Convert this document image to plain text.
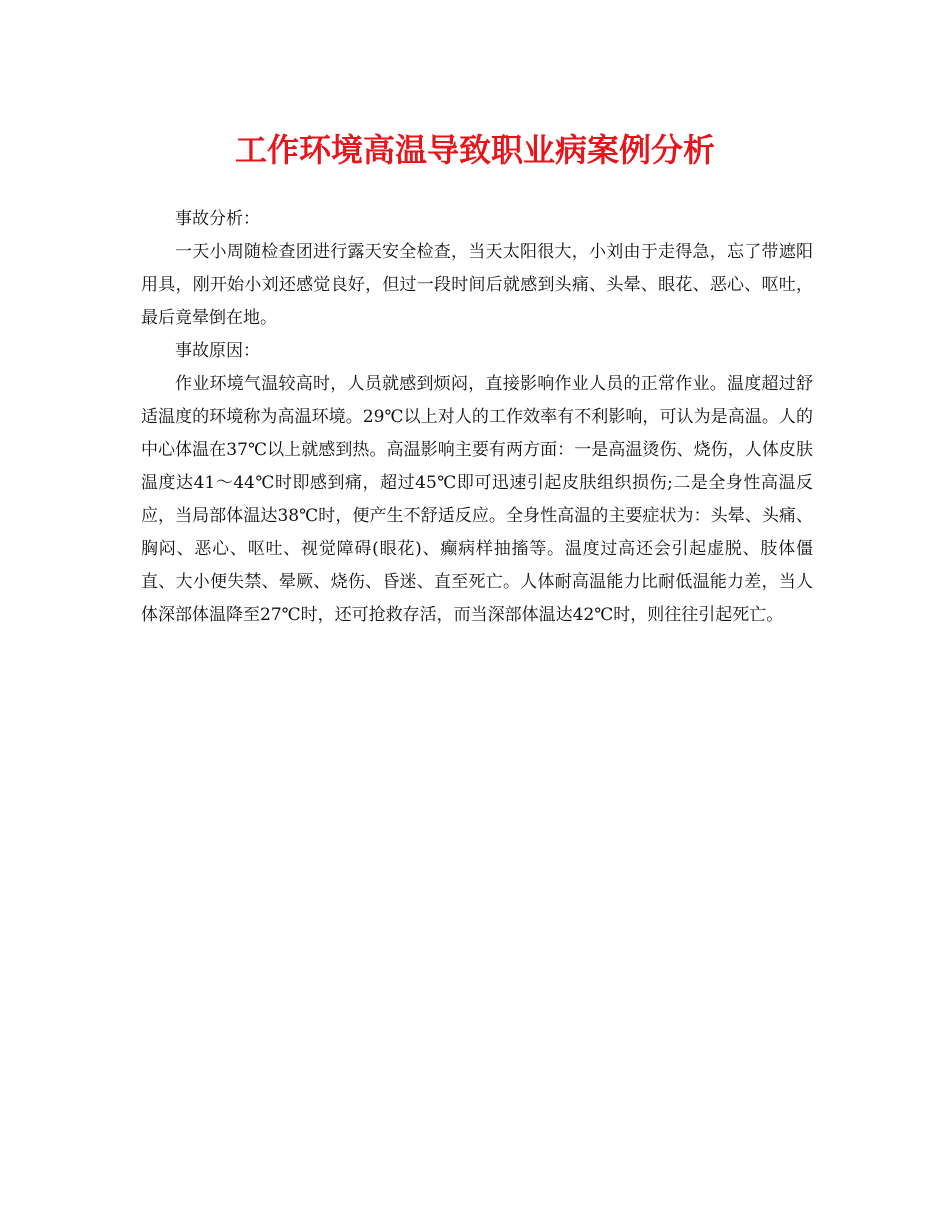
工作环境高温导致职业病案例分析

事故分析：

一天小周随检查团进行露天安全检查，当天太阳很大，小刘由于走得急，忘了带遮阳用具，刚开始小刘还感觉良好，但过一段时间后就感到头痛、头晕、眼花、恶心、呕吐，最后竟晕倒在地。

事故原因：

作业环境气温较高时，人员就感到烦闷，直接影响作业人员的正常作业。温度超过舒适温度的环境称为高温环境。29℃以上对人的工作效率有不利影响，可认为是高温。人的中心体温在37℃以上就感到热。高温影响主要有两方面：一是高温烫伤、烧伤，人体皮肤温度达41～44℃时即感到痛，超过45℃即可迅速引起皮肤组织损伤;二是全身性高温反应，当局部体温达38℃时，便产生不舒适反应。全身性高温的主要症状为：头晕、头痛、胸闷、恶心、呕吐、视觉障碍(眼花)、癫病样抽搐等。温度过高还会引起虚脱、肢体僵直、大小便失禁、晕厥、烧伤、昏迷、直至死亡。人体耐高温能力比耐低温能力差，当人体深部体温降至27℃时，还可抢救存活，而当深部体温达42℃时，则往往引起死亡。
